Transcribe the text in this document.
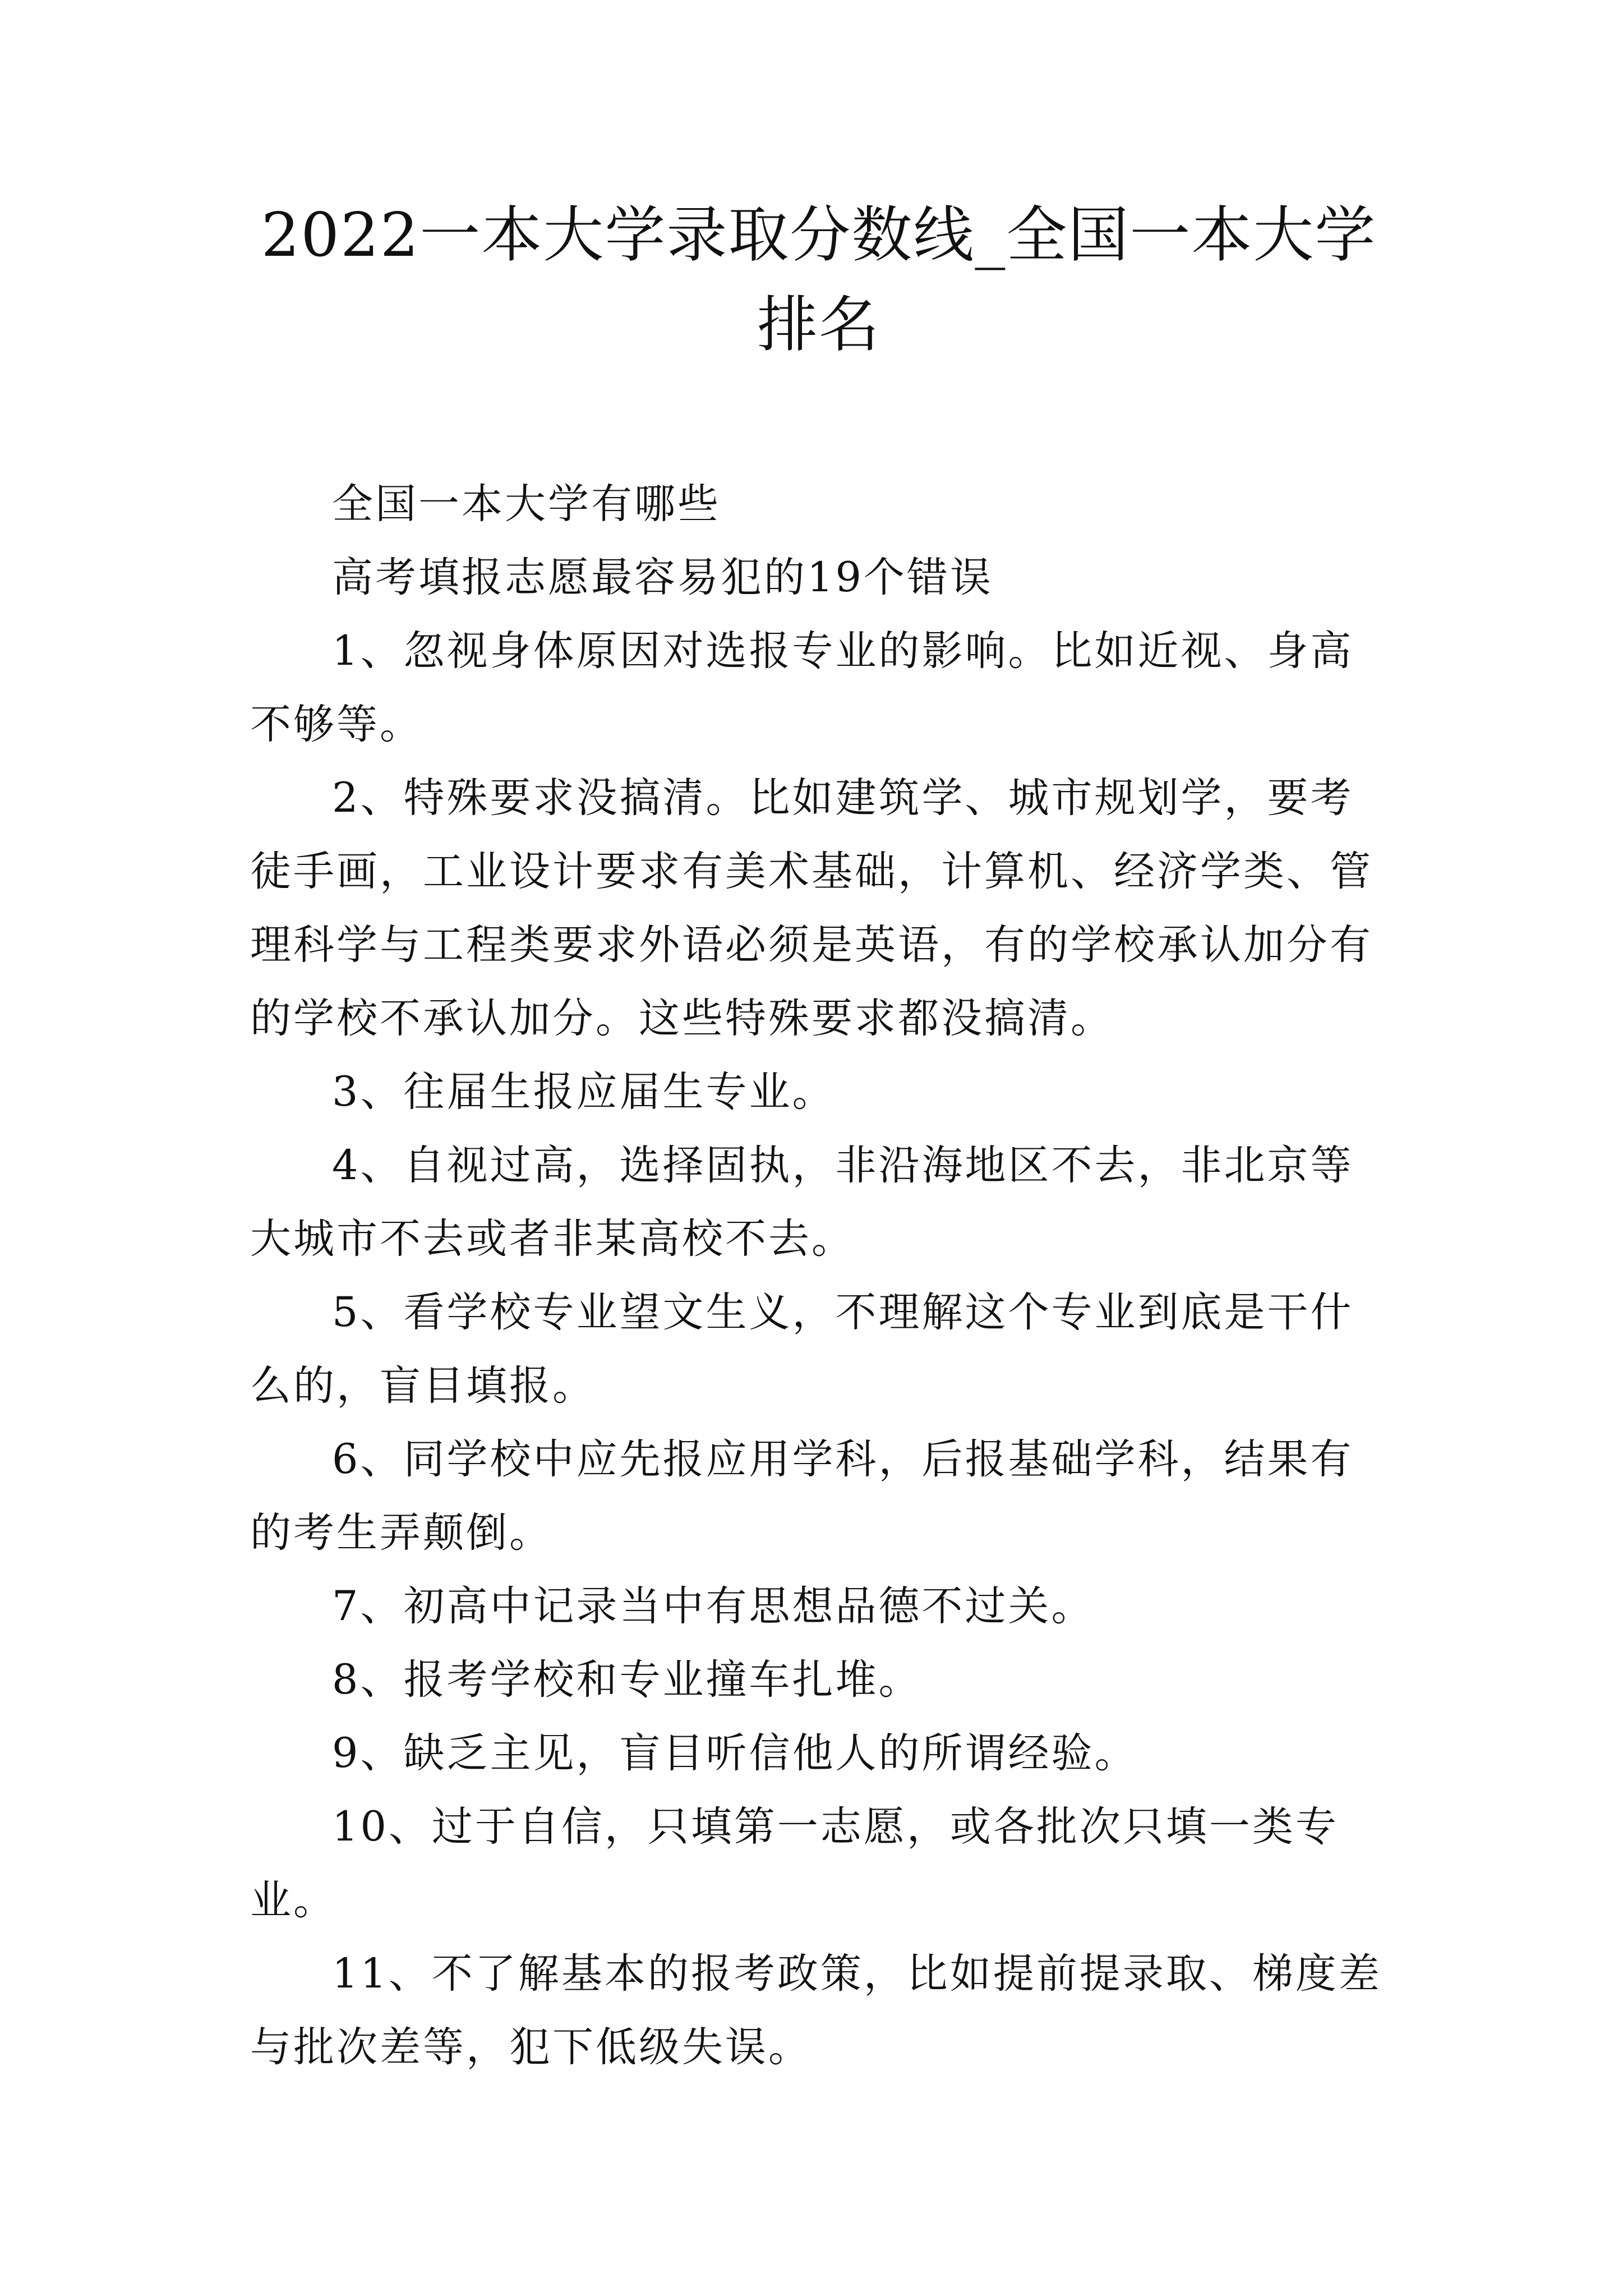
2022一本大学录取分数线_全国一本大学排名

全国一本大学有哪些

高考填报志愿最容易犯的19个错误

1、忽视身体原因对选报专业的影响。比如近视、身高不够等。

2、特殊要求没搞清。比如建筑学、城市规划学，要考徒手画，工业设计要求有美术基础，计算机、经济学类、管理科学与工程类要求外语必须是英语，有的学校承认加分有的学校不承认加分。这些特殊要求都没搞清。

3、往届生报应届生专业。

4、自视过高，选择固执，非沿海地区不去，非北京等大城市不去或者非某高校不去。

5、看学校专业望文生义，不理解这个专业到底是干什么的，盲目填报。

6、同学校中应先报应用学科，后报基础学科，结果有的考生弄颠倒。

7、初高中记录当中有思想品德不过关。

8、报考学校和专业撞车扎堆。

9、缺乏主见，盲目听信他人的所谓经验。

10、过于自信，只填第一志愿，或各批次只填一类专业。

11、不了解基本的报考政策，比如提前提录取、梯度差与批次差等，犯下低级失误。
